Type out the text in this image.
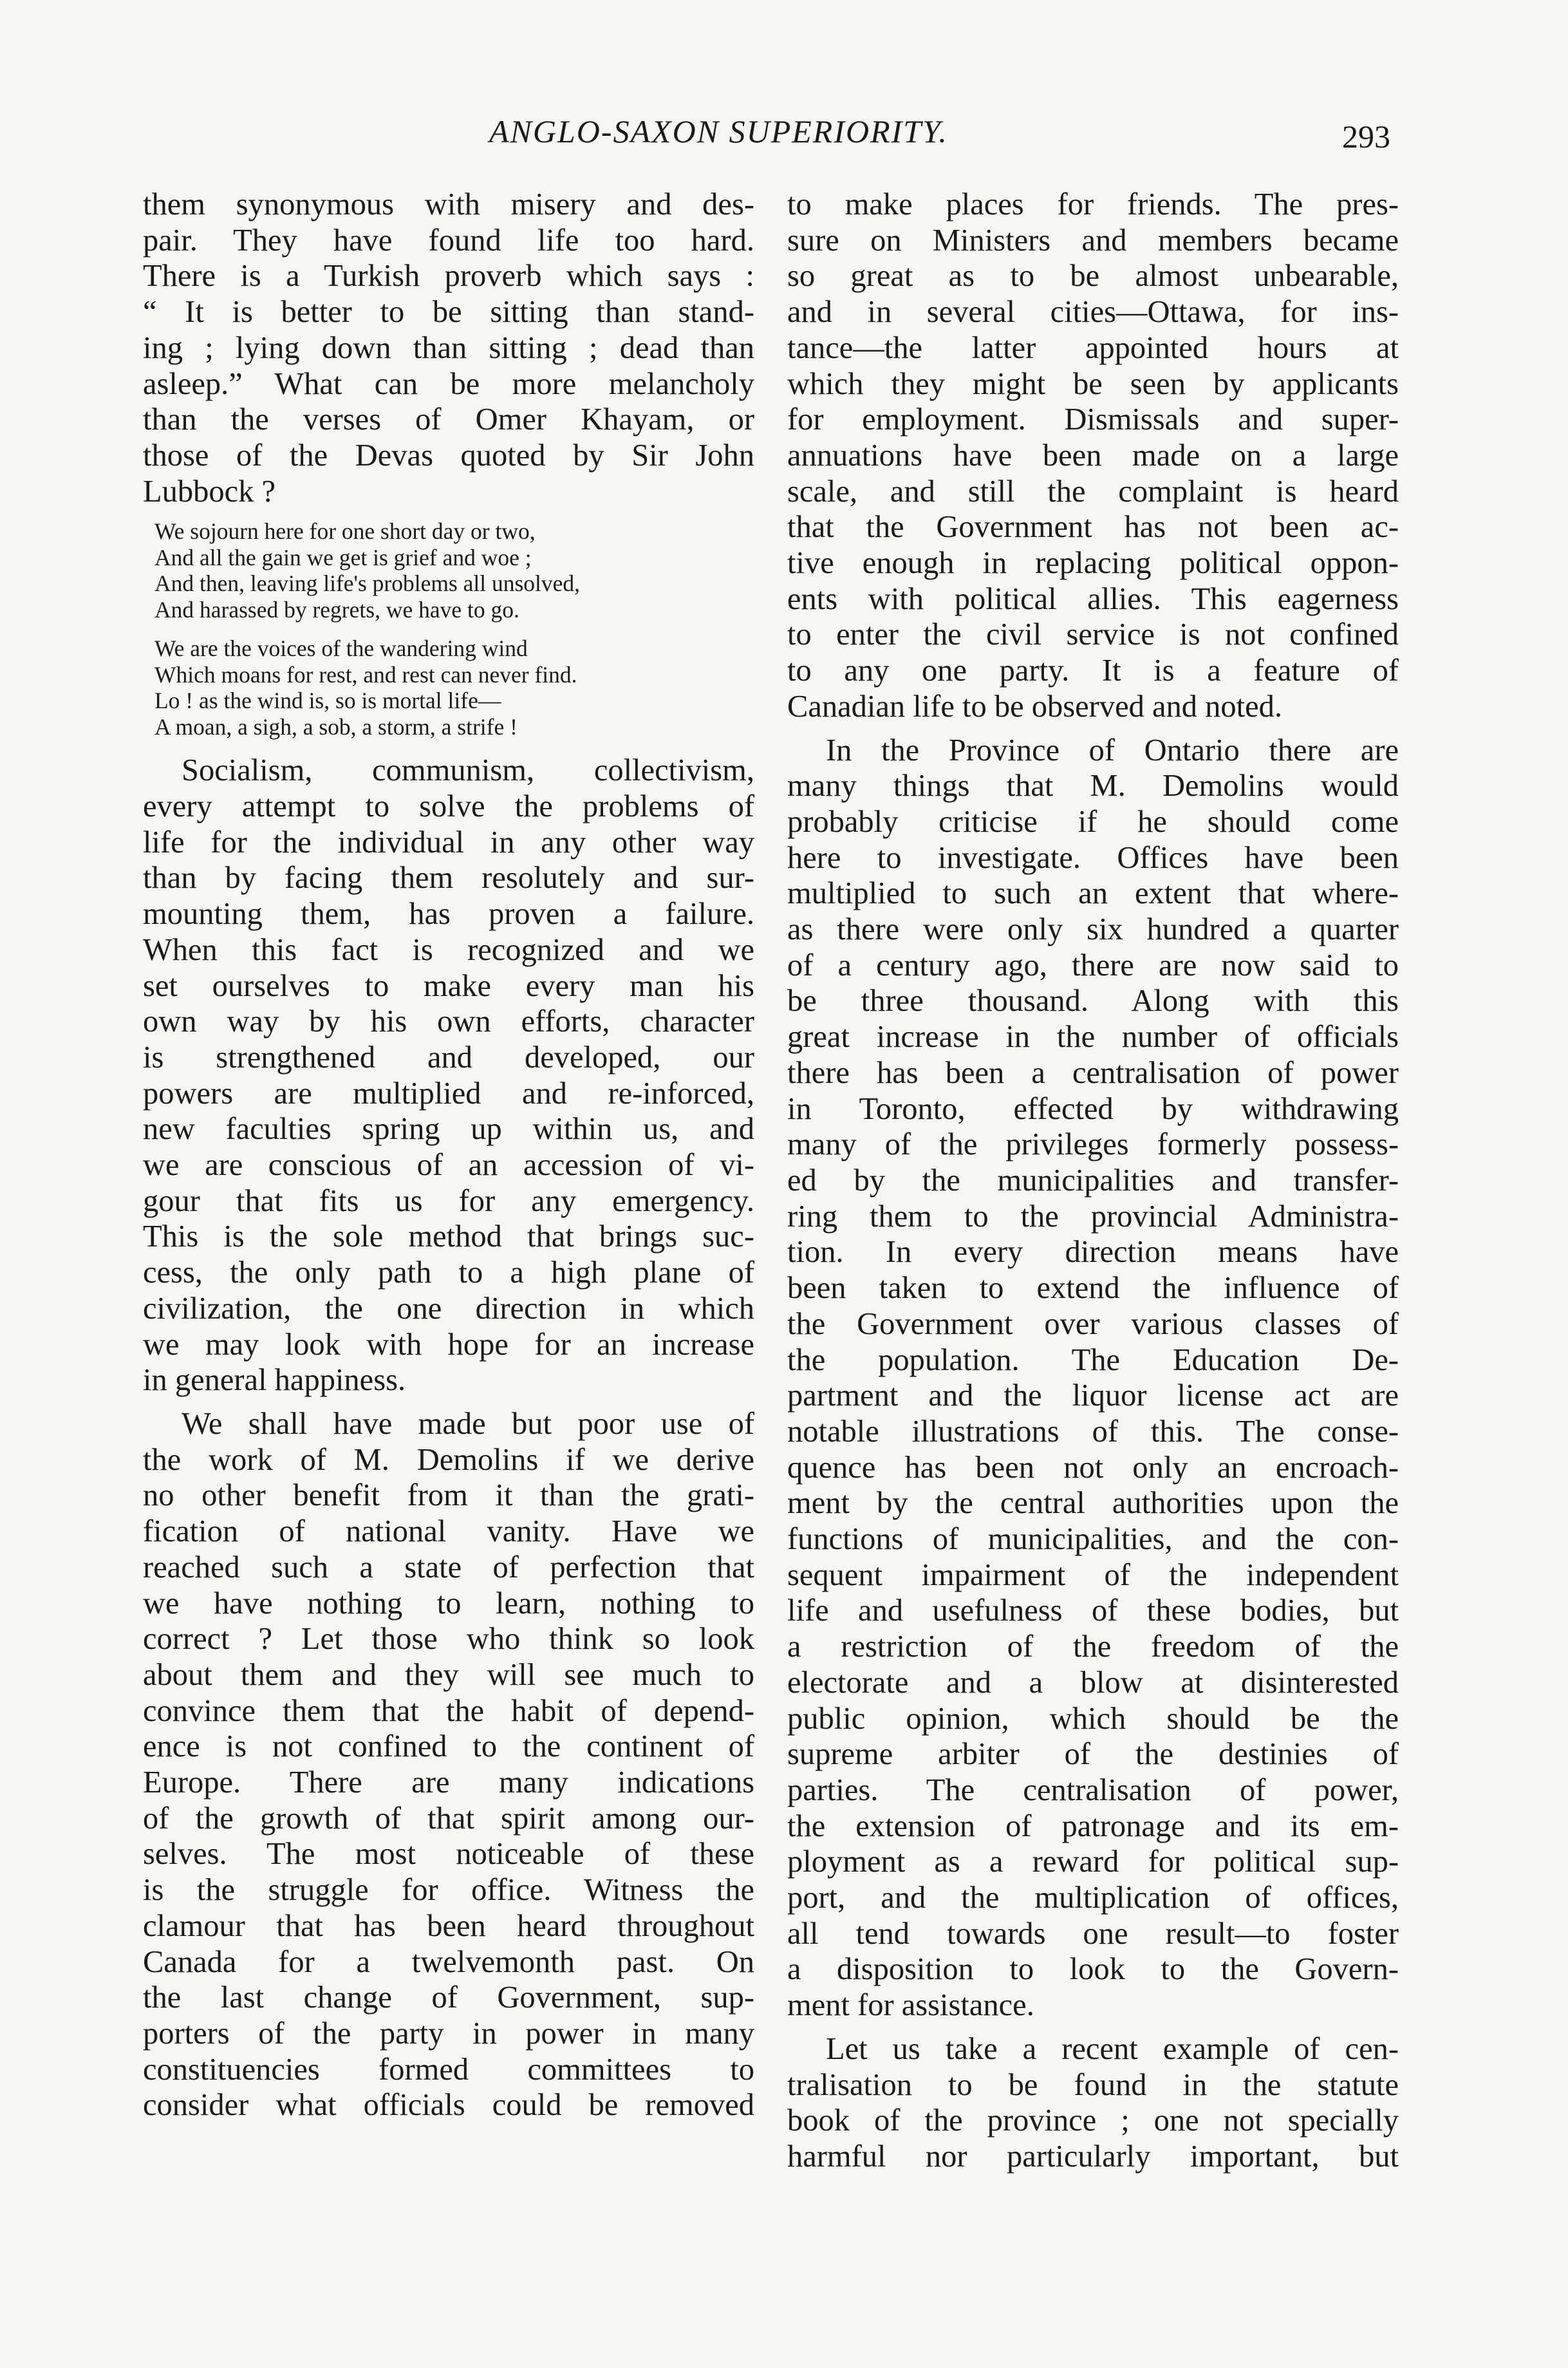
ANGLO-SAXON SUPERIORITY.	293
them synonymous with misery and des-
pair. They have found life too hard.
There is a Turkish proverb which says :
“ It is better to be sitting than stand-
ing ; lying down than sitting ; dead than
asleep.” What can be more melancholy
than the verses of Omer Khayam, or
those of the Devas quoted by Sir John
Lubbock ?
We sojourn here for one short day or two,
And all the gain we get is grief and woe ;
And then, leaving life's problems all unsolved,
And harassed by regrets, we have to go.
We are the voices of the wandering wind
Which moans for rest, and rest can never find.
Lo ! as the wind is, so is mortal life—
A moan, a sigh, a sob, a storm, a strife !
Socialism, communism, collectivism,
every attempt to solve the problems of
life for the individual in any other way
than by facing them resolutely and sur-
mounting them, has proven a failure.
When this fact is recognized and we
set ourselves to make every man his
own way by his own efforts, character
is strengthened and developed, our
powers are multiplied and re-inforced,
new faculties spring up within us, and
we are conscious of an accession of vi-
gour that fits us for any emergency.
This is the sole method that brings suc-
cess, the only path to a high plane of
civilization, the one direction in which
we may look with hope for an increase
in general happiness.
We shall have made but poor use of
the work of M. Demolins if we derive
no other benefit from it than the grati-
fication of national vanity. Have we
reached such a state of perfection that
we have nothing to learn, nothing to
correct ? Let those who think so look
about them and they will see much to
convince them that the habit of depend-
ence is not confined to the continent of
Europe. There are many indications
of the growth of that spirit among our-
selves. The most noticeable of these
is the struggle for office. Witness the
clamour that has been heard throughout
Canada for a twelvemonth past. On
the last change of Government, sup-
porters of the party in power in many
constituencies formed committees to
consider what officials could be removed
to make places for friends. The pres-
sure on Ministers and members became
so great as to be almost unbearable,
and in several cities—Ottawa, for ins-
tance—the latter appointed hours at
which they might be seen by applicants
for employment. Dismissals and super-
annuations have been made on a large
scale, and still the complaint is heard
that the Government has not been ac-
tive enough in replacing political oppon-
ents with political allies. This eagerness
to enter the civil service is not confined
to any one party. It is a feature of
Canadian life to be observed and noted.
In the Province of Ontario there are
many things that M. Demolins would
probably criticise if he should come
here to investigate. Offices have been
multiplied to such an extent that where-
as there were only six hundred a quarter
of a century ago, there are now said to
be three thousand. Along with this
great increase in the number of officials
there has been a centralisation of power
in Toronto, effected by withdrawing
many of the privileges formerly possess-
ed by the municipalities and transfer-
ring them to the provincial Administra-
tion. In every direction means have
been taken to extend the influence of
the Government over various classes of
the population. The Education De-
partment and the liquor license act are
notable illustrations of this. The conse-
quence has been not only an encroach-
ment by the central authorities upon the
functions of municipalities, and the con-
sequent impairment of the independent
life and usefulness of these bodies, but
a restriction of the freedom of the
electorate and a blow at disinterested
public opinion, which should be the
supreme arbiter of the destinies of
parties. The centralisation of power,
the extension of patronage and its em-
ployment as a reward for political sup-
port, and the multiplication of offices,
all tend towards one result—to foster
a disposition to look to the Govern-
ment for assistance.
Let us take a recent example of cen-
tralisation to be found in the statute
book of the province ; one not specially
harmful nor particularly important, but
